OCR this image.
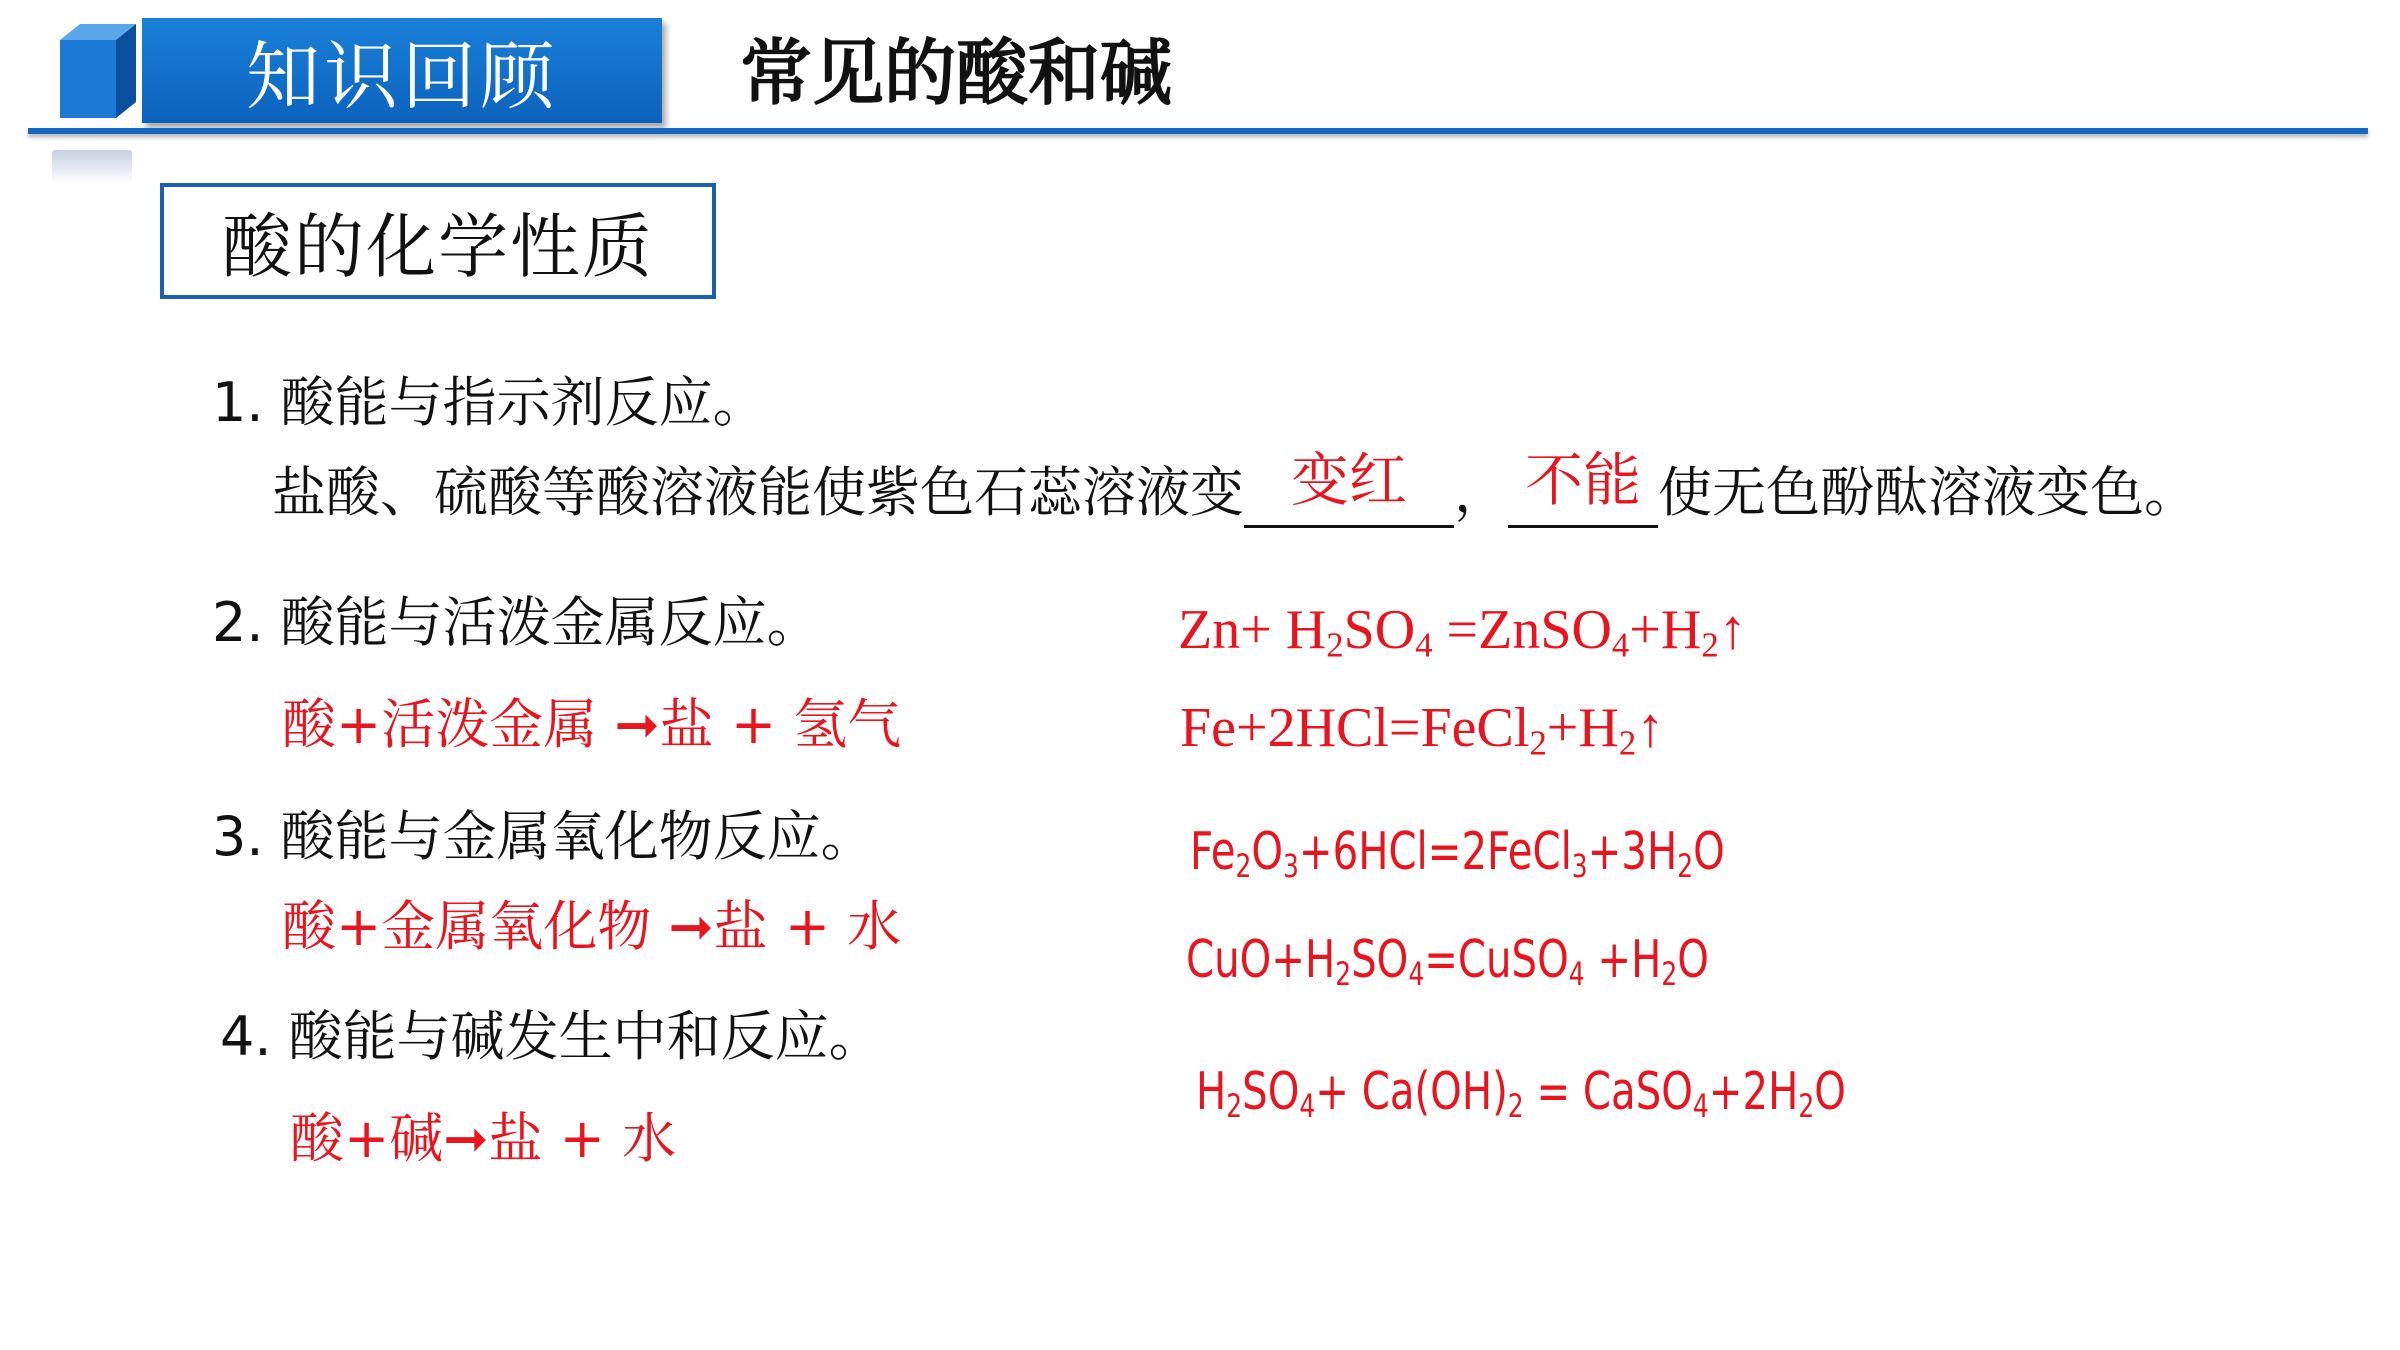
知识回顾	常见的酸和碱
酸的化学性质
1. 酸能与指示剂反应。
盐酸、硫酸等酸溶液能使紫色石蕊溶液变 变红 ， 不能 使无色酚酞溶液变色。
2. 酸能与活泼金属反应。
酸+活泼金属 ➞盐 + 氢气
3. 酸能与金属氧化物反应。
酸+金属氧化物 ➞盐 + 水
4. 酸能与碱发生中和反应。
酸+碱➞盐 + 水
$Zn+ H_2SO_4$ $=ZnSO_4+H_2↑$
$Fe+2HCl=FeCl_2+H_2↑$
$Fe_2O_3+6HCl=2FeCl_3+3H_2O$
$CuO+H_2SO_4=CuSO_4 +H_2O$
$H_2SO_4+ Ca(OH)_2$ = $CaSO_4+2H_2O$
